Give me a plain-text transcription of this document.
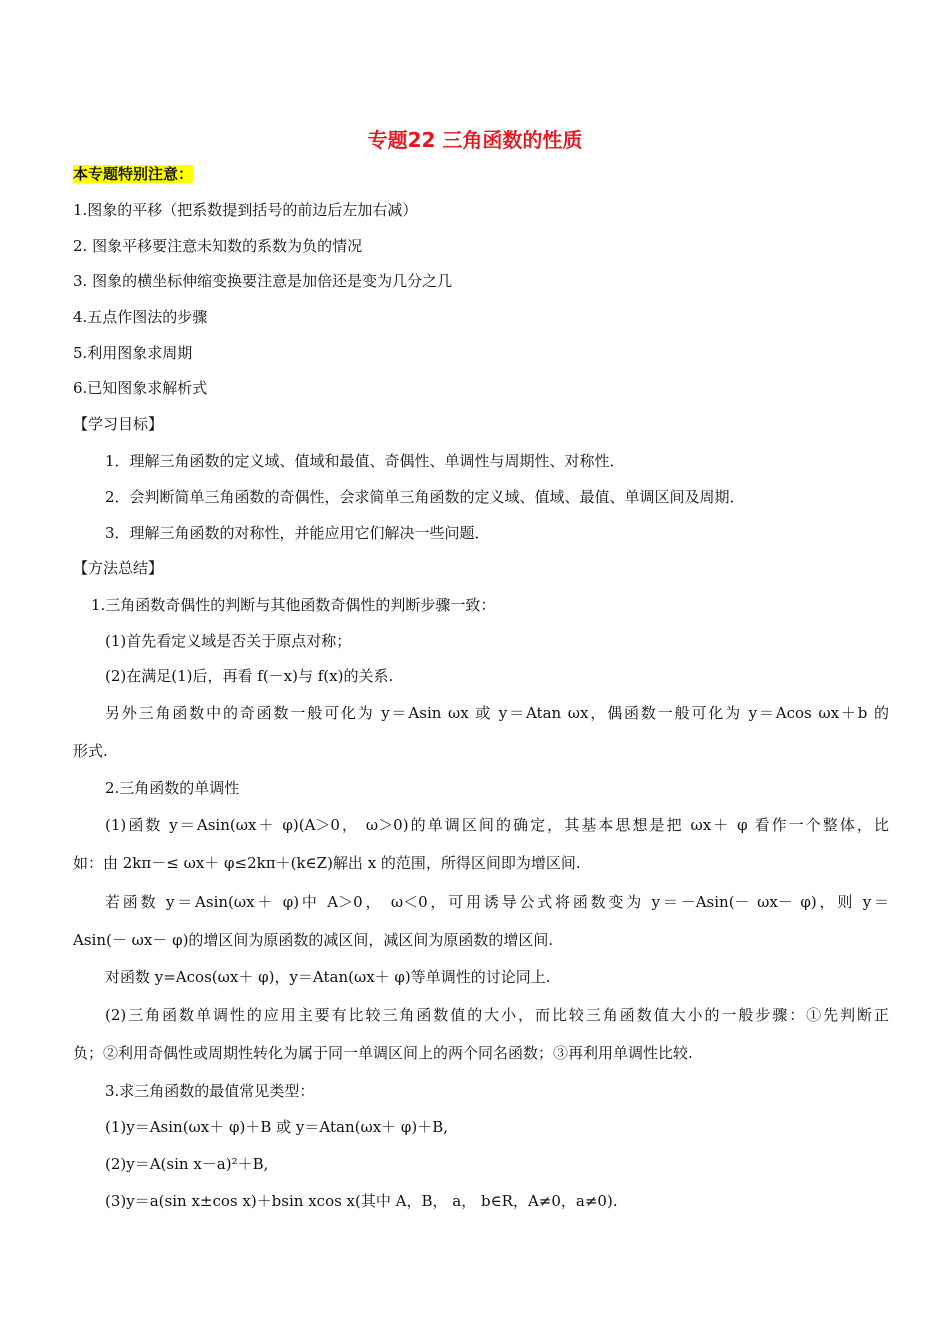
专题22 三角函数的性质
本专题特别注意：
1.图象的平移（把系数提到括号的前边后左加右减）
2. 图象平移要注意未知数的系数为负的情况
3. 图象的横坐标伸缩变换要注意是加倍还是变为几分之几
4.五点作图法的步骤
5.利用图象求周期
6.已知图象求解析式
【学习目标】
1．理解三角函数的定义域、值域和最值、奇偶性、单调性与周期性、对称性．
2．会判断简单三角函数的奇偶性，会求简单三角函数的定义域、值域、最值、单调区间及周期．
3．理解三角函数的对称性，并能应用它们解决一些问题．
【方法总结】
1.三角函数奇偶性的判断与其他函数奇偶性的判断步骤一致：
(1)首先看定义域是否关于原点对称；
(2)在满足(1)后，再看 f(－x)与 f(x)的关系.
另外三角函数中的奇函数一般可化为 y＝Asin ωx 或 y＝Atan ωx，偶函数一般可化为 y＝Acos ωx＋b 的
形式.
2.三角函数的单调性
(1)函数 y＝Asin(ωx＋ φ)(A＞0， ω＞0)的单调区间的确定，其基本思想是把 ωx＋ φ 看作一个整体，比
如：由 2kπ－≤ ωx＋ φ≤2kπ＋(k∈Z)解出 x 的范围，所得区间即为增区间.
若函数 y＝Asin(ωx＋ φ)中 A＞0， ω＜0，可用诱导公式将函数变为 y＝－Asin(－ ωx－ φ)，则 y＝
Asin(－ ωx－ φ)的增区间为原函数的减区间，减区间为原函数的增区间.
对函数 y=Acos(ωx＋ φ)，y＝Atan(ωx＋ φ)等单调性的讨论同上.
(2)三角函数单调性的应用主要有比较三角函数值的大小，而比较三角函数值大小的一般步骤：①先判断正
负；②利用奇偶性或周期性转化为属于同一单调区间上的两个同名函数；③再利用单调性比较.
3.求三角函数的最值常见类型：
(1)y＝Asin(ωx＋ φ)＋B 或 y＝Atan(ωx＋ φ)＋B,
(2)y＝A(sin x－a)²＋B,
(3)y＝a(sin x±cos x)＋bsin xcos x(其中 A，B， a， b∈R，A≠0，a≠0).
